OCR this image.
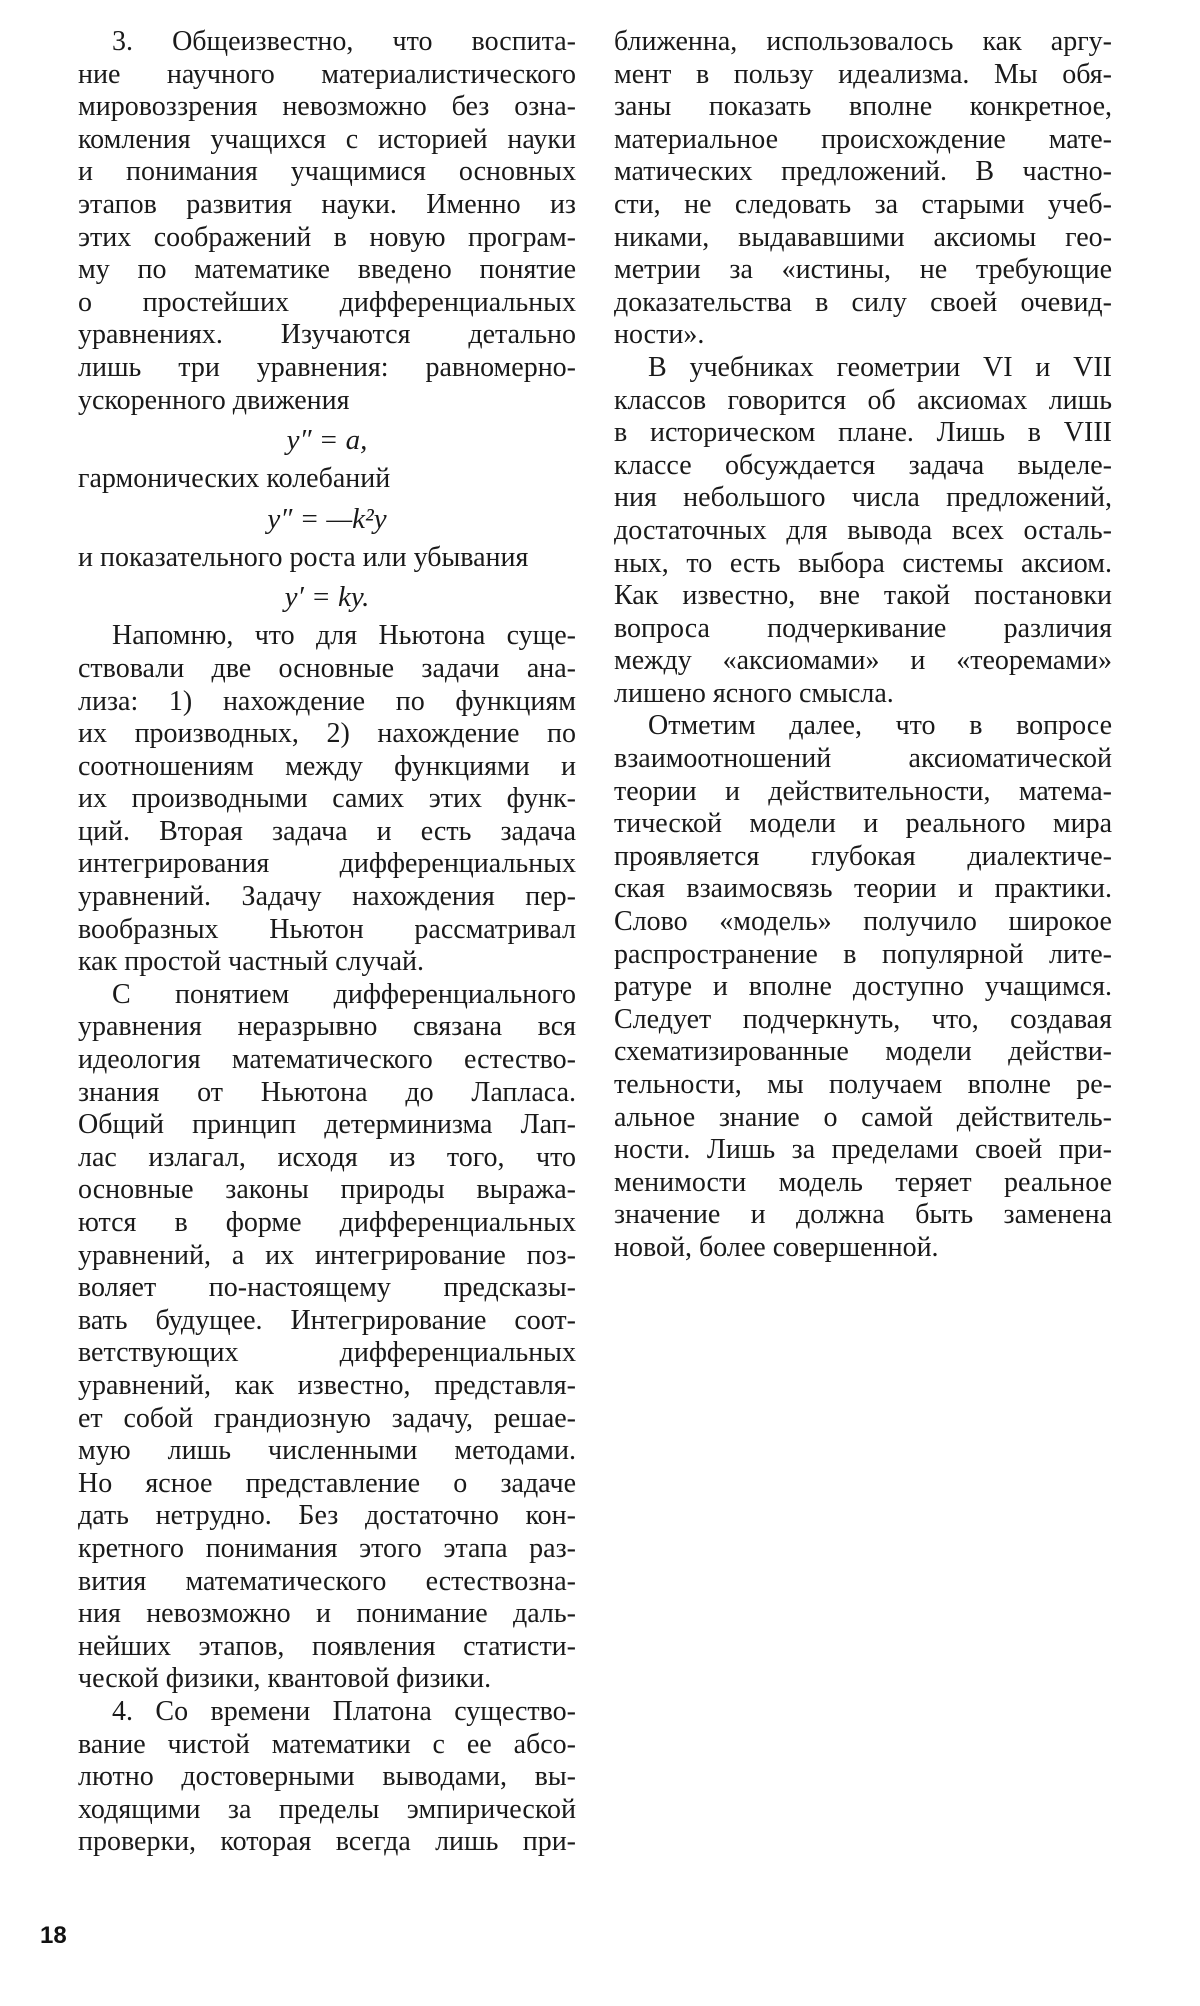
3. Общеизвестно, что воспита-
ние научного материалистического
мировоззрения невозможно без озна-
комления учащихся с историей науки
и понимания учащимися основных
этапов развития науки. Именно из
этих соображений в новую програм-
му по математике введено понятие
о простейших дифференциальных
уравнениях. Изучаются детально
лишь три уравнения: равномерно-
ускоренного движения
y″ = a,
гармонических колебаний
y″ = —k²y
и показательного роста или убывания
y′ = ky.
Напомню, что для Ньютона суще-
ствовали две основные задачи ана-
лиза: 1) нахождение по функциям
их производных, 2) нахождение по
соотношениям между функциями и
их производными самих этих функ-
ций. Вторая задача и есть задача
интегрирования дифференциальных
уравнений. Задачу нахождения пер-
вообразных Ньютон рассматривал
как простой частный случай.
С понятием дифференциального
уравнения неразрывно связана вся
идеология математического естество-
знания от Ньютона до Лапласа.
Общий принцип детерминизма Лап-
лас излагал, исходя из того, что
основные законы природы выража-
ются в форме дифференциальных
уравнений, а их интегрирование поз-
воляет по-настоящему предсказы-
вать будущее. Интегрирование соот-
ветствующих дифференциальных
уравнений, как известно, представля-
ет собой грандиозную задачу, решае-
мую лишь численными методами.
Но ясное представление о задаче
дать нетрудно. Без достаточно кон-
кретного понимания этого этапа раз-
вития математического естествозна-
ния невозможно и понимание даль-
нейших этапов, появления статисти-
ческой физики, квантовой физики.
4. Со времени Платона существо-
вание чистой математики с ее абсо-
лютно достоверными выводами, вы-
ходящими за пределы эмпирической
проверки, которая всегда лишь при-
ближенна, использовалось как аргу-
мент в пользу идеализма. Мы обя-
заны показать вполне конкретное,
материальное происхождение мате-
матических предложений. В частно-
сти, не следовать за старыми учеб-
никами, выдававшими аксиомы гео-
метрии за «истины, не требующие
доказательства в силу своей очевид-
ности».
В учебниках геометрии VI и VII
классов говорится об аксиомах лишь
в историческом плане. Лишь в VIII
классе обсуждается задача выделе-
ния небольшого числа предложений,
достаточных для вывода всех осталь-
ных, то есть выбора системы аксиом.
Как известно, вне такой постановки
вопроса подчеркивание различия
между «аксиомами» и «теоремами»
лишено ясного смысла.
Отметим далее, что в вопросе
взаимоотношений аксиоматической
теории и действительности, матема-
тической модели и реального мира
проявляется глубокая диалектиче-
ская взаимосвязь теории и практики.
Слово «модель» получило широкое
распространение в популярной лите-
ратуре и вполне доступно учащимся.
Следует подчеркнуть, что, создавая
схематизированные модели действи-
тельности, мы получаем вполне ре-
альное знание о самой действитель-
ности. Лишь за пределами своей при-
менимости модель теряет реальное
значение и должна быть заменена
новой, более совершенной.
18
